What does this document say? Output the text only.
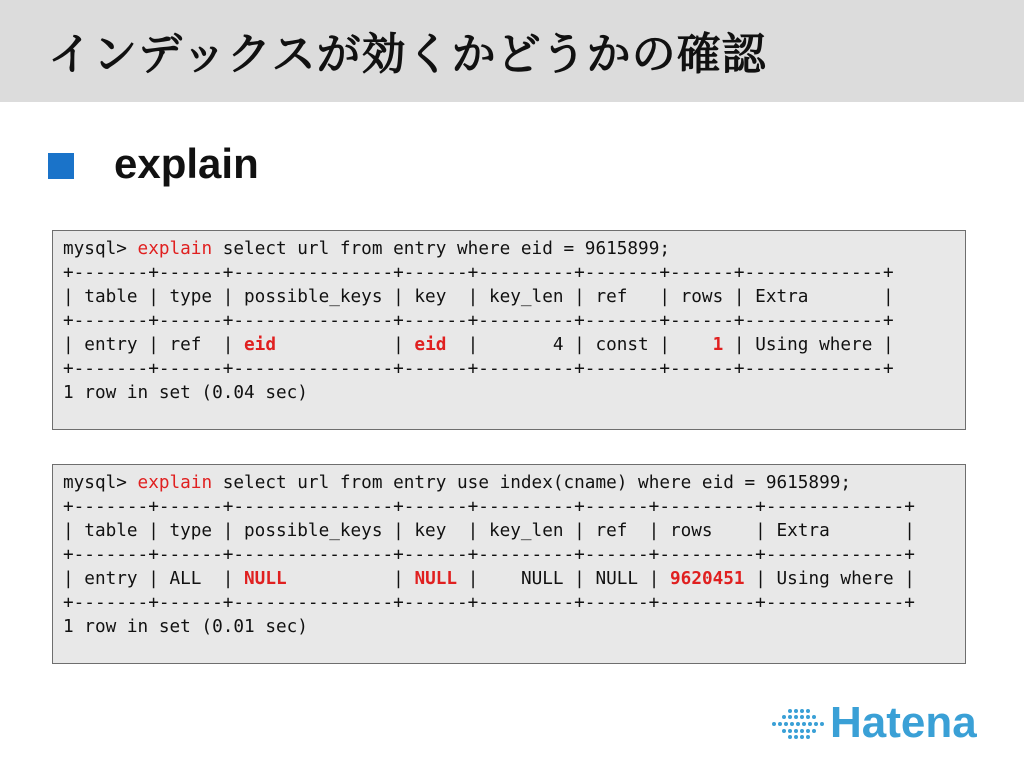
インデックスが効くかどうかの確認
explain
mysql> explain select url from entry where eid = 9615899;
+-------+------+---------------+------+---------+-------+------+-------------+
| table | type | possible_keys | key  | key_len | ref   | rows | Extra       |
+-------+------+---------------+------+---------+-------+------+-------------+
| entry | ref  | eid           | eid  |       4 | const |    1 | Using where |
+-------+------+---------------+------+---------+-------+------+-------------+
1 row in set (0.04 sec)
mysql> explain select url from entry use index(cname) where eid = 9615899;
+-------+------+---------------+------+---------+------+---------+-------------+
| table | type | possible_keys | key  | key_len | ref  | rows    | Extra       |
+-------+------+---------------+------+---------+------+---------+-------------+
| entry | ALL  | NULL          | NULL |    NULL | NULL | 9620451 | Using where |
+-------+------+---------------+------+---------+------+---------+-------------+
1 row in set (0.01 sec)
Hatena
